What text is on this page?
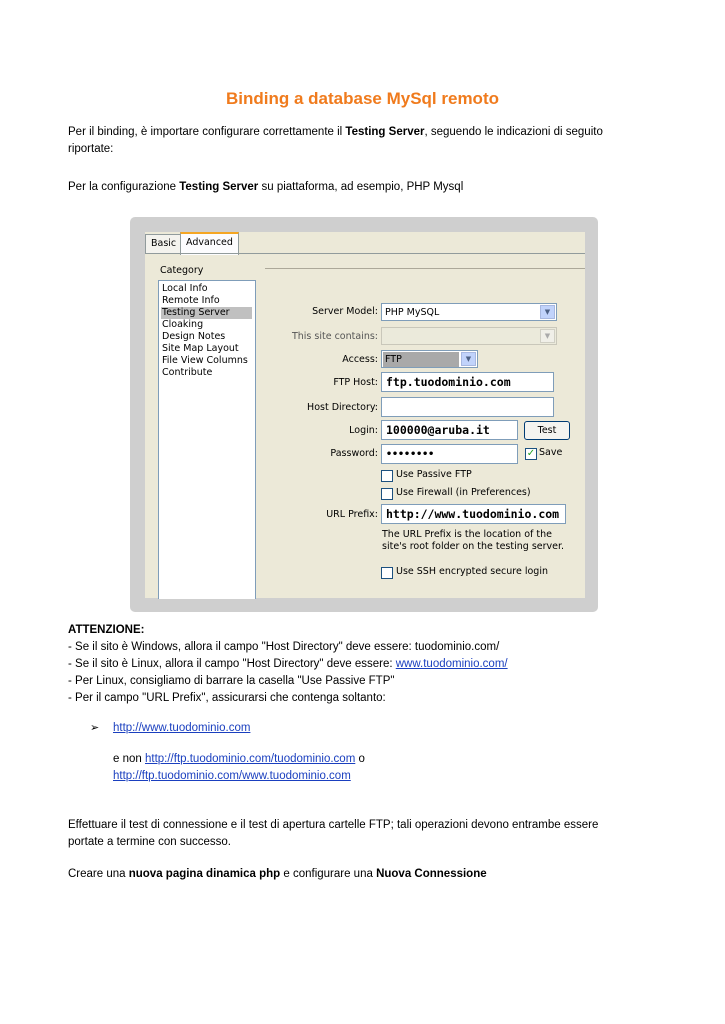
Binding a database MySql remoto
Per il binding, è importare configurare correttamente il Testing Server, seguendo le indicazioni di seguito
riportate:
Per la configurazione Testing Server su piattaforma, ad esempio, PHP Mysql
Basic	Advanced
Category
Local Info
Remote Info
Testing Server
Cloaking
Design Notes
Site Map Layout
File View Columns
Contribute
Server Model: PHP MySQL	▼
This site contains:	▼
Access: FTP	▼
FTP Host: ftp.tuodominio.com
Host Directory:
Login: 100000@aruba.it	Test
Password: ••••••••	✓ Save
Use Passive FTP
Use Firewall (in Preferences)
URL Prefix: http://www.tuodominio.com
The URL Prefix is the location of the site's root folder on the testing server.
Use SSH encrypted secure login
ATTENZIONE:
- Se il sito è Windows, allora il campo "Host Directory" deve essere: tuodominio.com/
- Se il sito è Linux, allora il campo "Host Directory" deve essere: www.tuodominio.com/
- Per Linux, consigliamo di barrare la casella "Use Passive FTP"
- Per il campo "URL Prefix", assicurarsi che contenga soltanto:
➢ http://www.tuodominio.com
e non http://ftp.tuodominio.com/tuodominio.com o
http://ftp.tuodominio.com/www.tuodominio.com
Effettuare il test di connessione e il test di apertura cartelle FTP; tali operazioni devono entrambe essere
portate a termine con successo.
Creare una nuova pagina dinamica php e configurare una Nuova Connessione
